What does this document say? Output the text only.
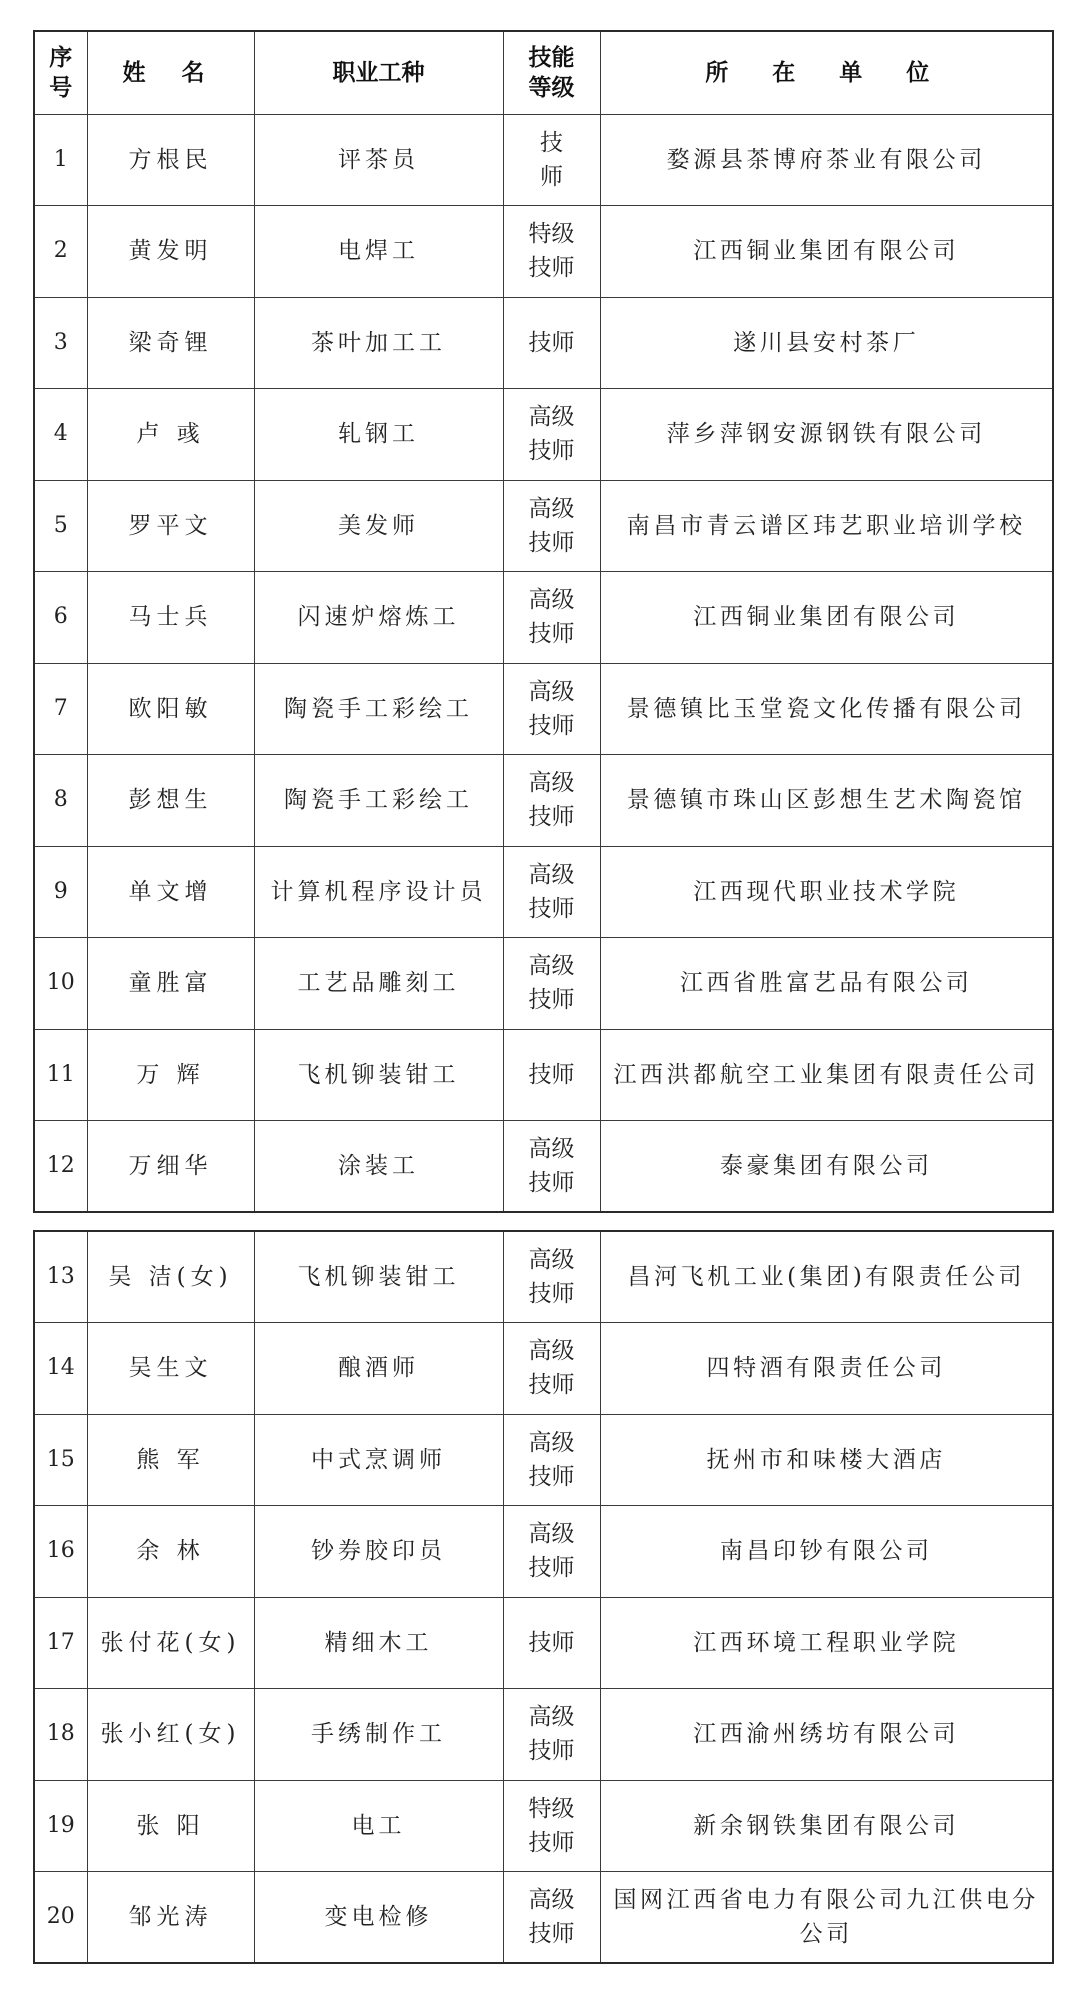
序号	姓 名	职业工种	技能等级	所 在 单 位
1	方根民	评茶员	技师	婺源县茶博府茶业有限公司
2	黄发明	电焊工	特级技师	江西铜业集团有限公司
3	梁奇锂	茶叶加工工	技师	遂川县安村茶厂
4	卢 彧	轧钢工	高级技师	萍乡萍钢安源钢铁有限公司
5	罗平文	美发师	高级技师	南昌市青云谱区玮艺职业培训学校
6	马士兵	闪速炉熔炼工	高级技师	江西铜业集团有限公司
7	欧阳敏	陶瓷手工彩绘工	高级技师	景德镇比玉堂瓷文化传播有限公司
8	彭想生	陶瓷手工彩绘工	高级技师	景德镇市珠山区彭想生艺术陶瓷馆
9	单文增	计算机程序设计员	高级技师	江西现代职业技术学院
10	童胜富	工艺品雕刻工	高级技师	江西省胜富艺品有限公司
11	万 辉	飞机铆装钳工	技师	江西洪都航空工业集团有限责任公司
12	万细华	涂装工	高级技师	泰豪集团有限公司
13	吴 洁(女)	飞机铆装钳工	高级技师	昌河飞机工业(集团)有限责任公司
14	吴生文	酿酒师	高级技师	四特酒有限责任公司
15	熊 军	中式烹调师	高级技师	抚州市和味楼大酒店
16	余 林	钞券胶印员	高级技师	南昌印钞有限公司
17	张付花(女)	精细木工	技师	江西环境工程职业学院
18	张小红(女)	手绣制作工	高级技师	江西渝州绣坊有限公司
19	张 阳	电工	特级技师	新余钢铁集团有限公司
20	邹光涛	变电检修	高级技师	国网江西省电力有限公司九江供电分公司
